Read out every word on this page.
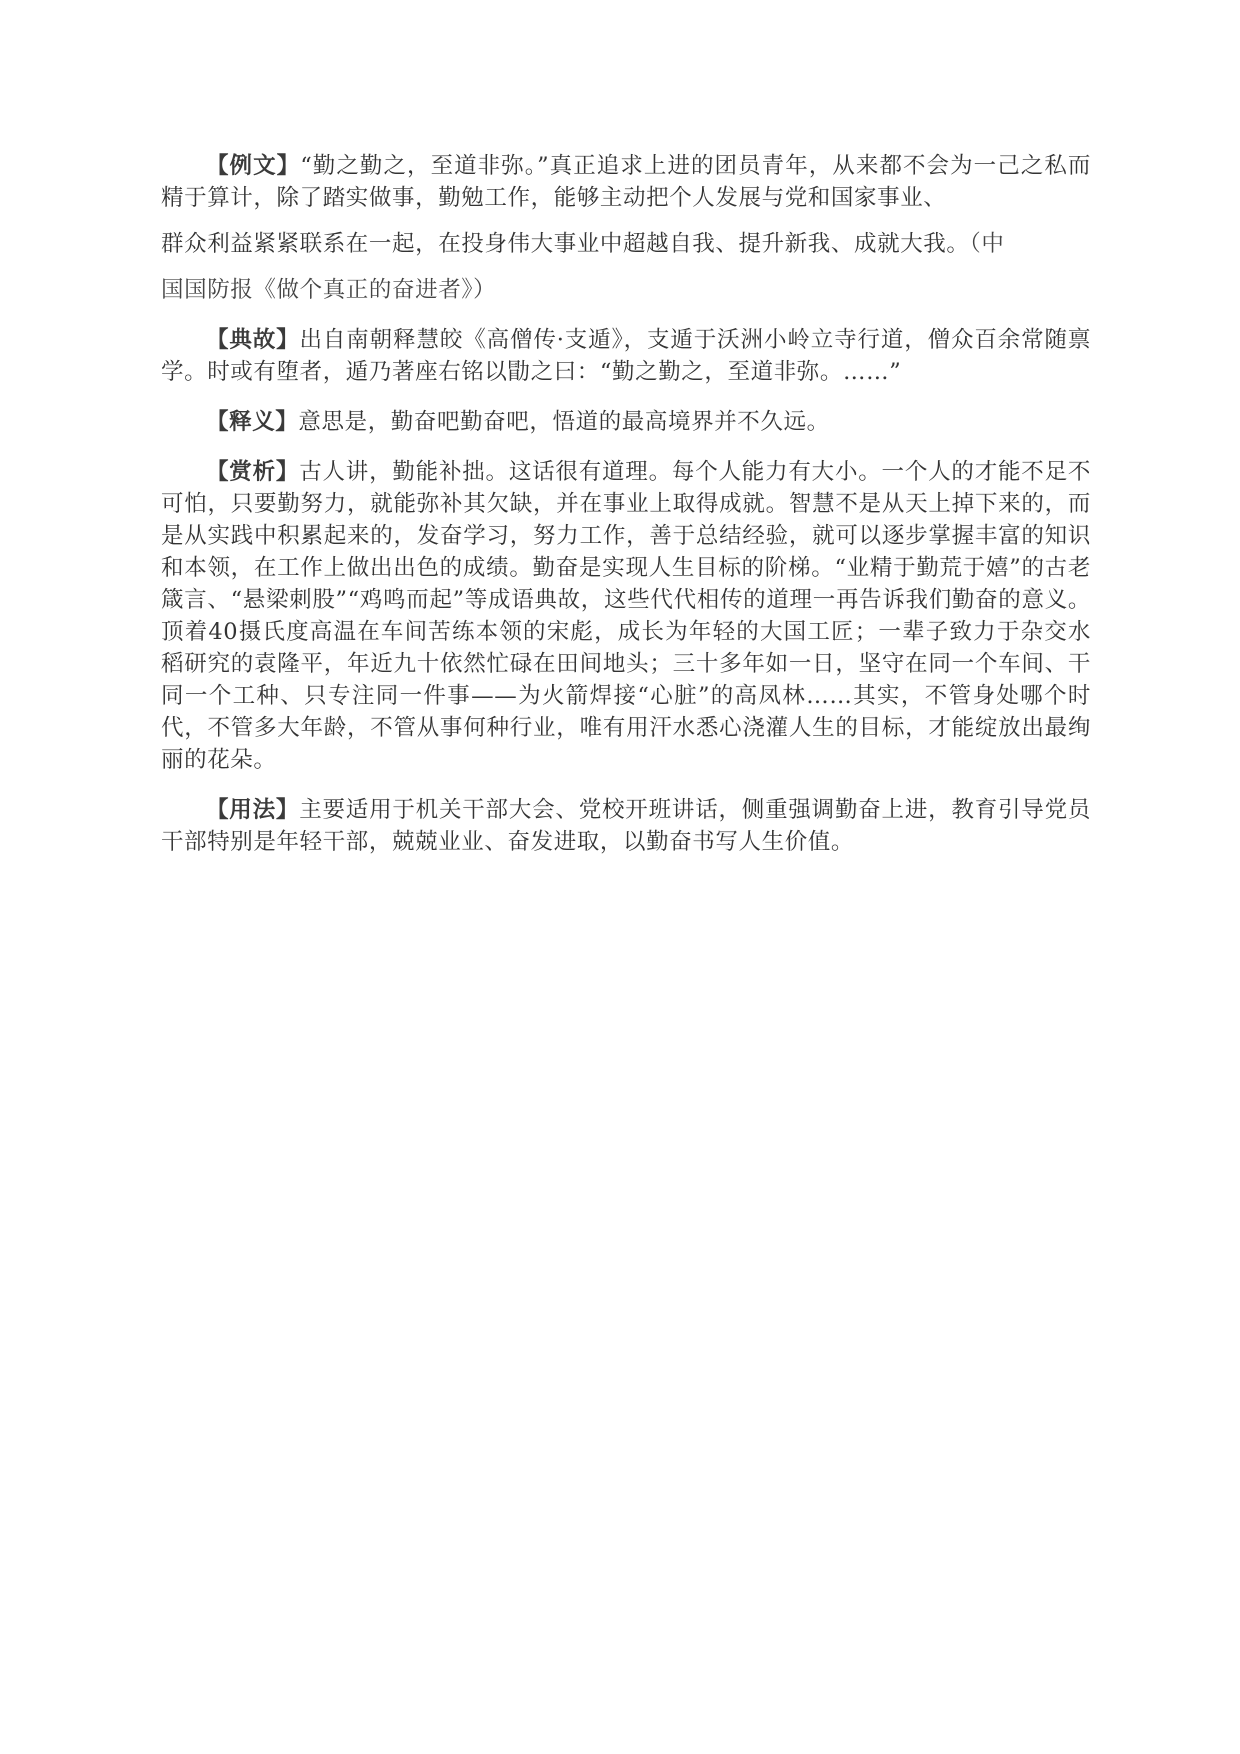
【例文】“勤之勤之，至道非弥。”真正追求上进的团员青年，从来都不会为一己之私而精于算计，除了踏实做事，勤勉工作，能够主动把个人发展与党和国家事业、
群众利益紧紧联系在一起，在投身伟大事业中超越自我、提升新我、成就大我。（中
国国防报《做个真正的奋进者》）

【典故】出自南朝释慧皎《高僧传·支遁》，支遁于沃洲小岭立寺行道，僧众百余常随禀学。时或有堕者，遁乃著座右铭以勖之曰：“勤之勤之，至道非弥。……”

【释义】意思是，勤奋吧勤奋吧，悟道的最高境界并不久远。

【赏析】古人讲，勤能补拙。这话很有道理。每个人能力有大小。一个人的才能不足不可怕，只要勤努力，就能弥补其欠缺，并在事业上取得成就。智慧不是从天上掉下来的，而是从实践中积累起来的，发奋学习，努力工作，善于总结经验，就可以逐步掌握丰富的知识和本领，在工作上做出出色的成绩。勤奋是实现人生目标的阶梯。“业精于勤荒于嬉”的古老箴言、“悬梁刺股”“鸡鸣而起”等成语典故，这些代代相传的道理一再告诉我们勤奋的意义。顶着40摄氏度高温在车间苦练本领的宋彪，成长为年轻的大国工匠；一辈子致力于杂交水稻研究的袁隆平，年近九十依然忙碌在田间地头；三十多年如一日，坚守在同一个车间、干同一个工种、只专注同一件事——为火箭焊接“心脏”的高凤林……其实，不管身处哪个时代，不管多大年龄，不管从事何种行业，唯有用汗水悉心浇灌人生的目标，才能绽放出最绚丽的花朵。

【用法】主要适用于机关干部大会、党校开班讲话，侧重强调勤奋上进，教育引导党员干部特别是年轻干部，兢兢业业、奋发进取，以勤奋书写人生价值。
